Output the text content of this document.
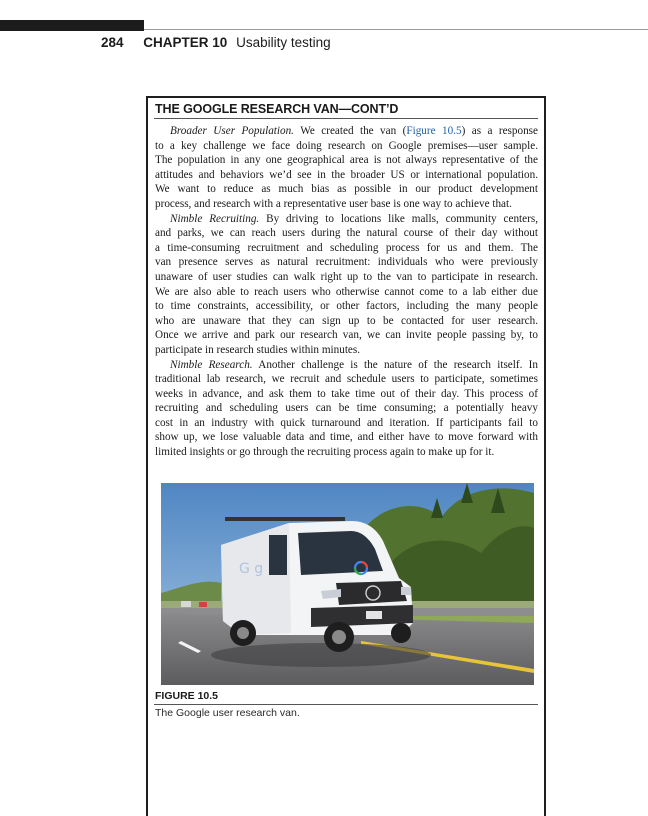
284 CHAPTER 10 Usability testing
THE GOOGLE RESEARCH VAN—CONT’D
Broader User Population. We created the van (Figure 10.5) as a response
to a key challenge we face doing research on Google premises—user sample.
The population in any one geographical area is not always representative of the
attitudes and behaviors we’d see in the broader US or international population.
We want to reduce as much bias as possible in our product development
process, and research with a representative user base is one way to achieve that.
Nimble Recruiting. By driving to locations like malls, community centers,
and parks, we can reach users during the natural course of their day without
a time-consuming recruitment and scheduling process for us and them. The
van presence serves as natural recruitment: individuals who were previously
unaware of user studies can walk right up to the van to participate in research.
We are also able to reach users who otherwise cannot come to a lab either due
to time constraints, accessibility, or other factors, including the many people
who are unaware that they can sign up to be contacted for user research.
Once we arrive and park our research van, we can invite people passing by, to
participate in research studies within minutes.
Nimble Research. Another challenge is the nature of the research itself. In
traditional lab research, we recruit and schedule users to participate, sometimes
weeks in advance, and ask them to take time out of their day. This process of
recruiting and scheduling users can be time consuming; a potentially heavy
cost in an industry with quick turnaround and iteration. If participants fail to
show up, we lose valuable data and time, and either have to move forward with
limited insights or go through the recruiting process again to make up for it.
G g
FIGURE 10.5
The Google user research van.
